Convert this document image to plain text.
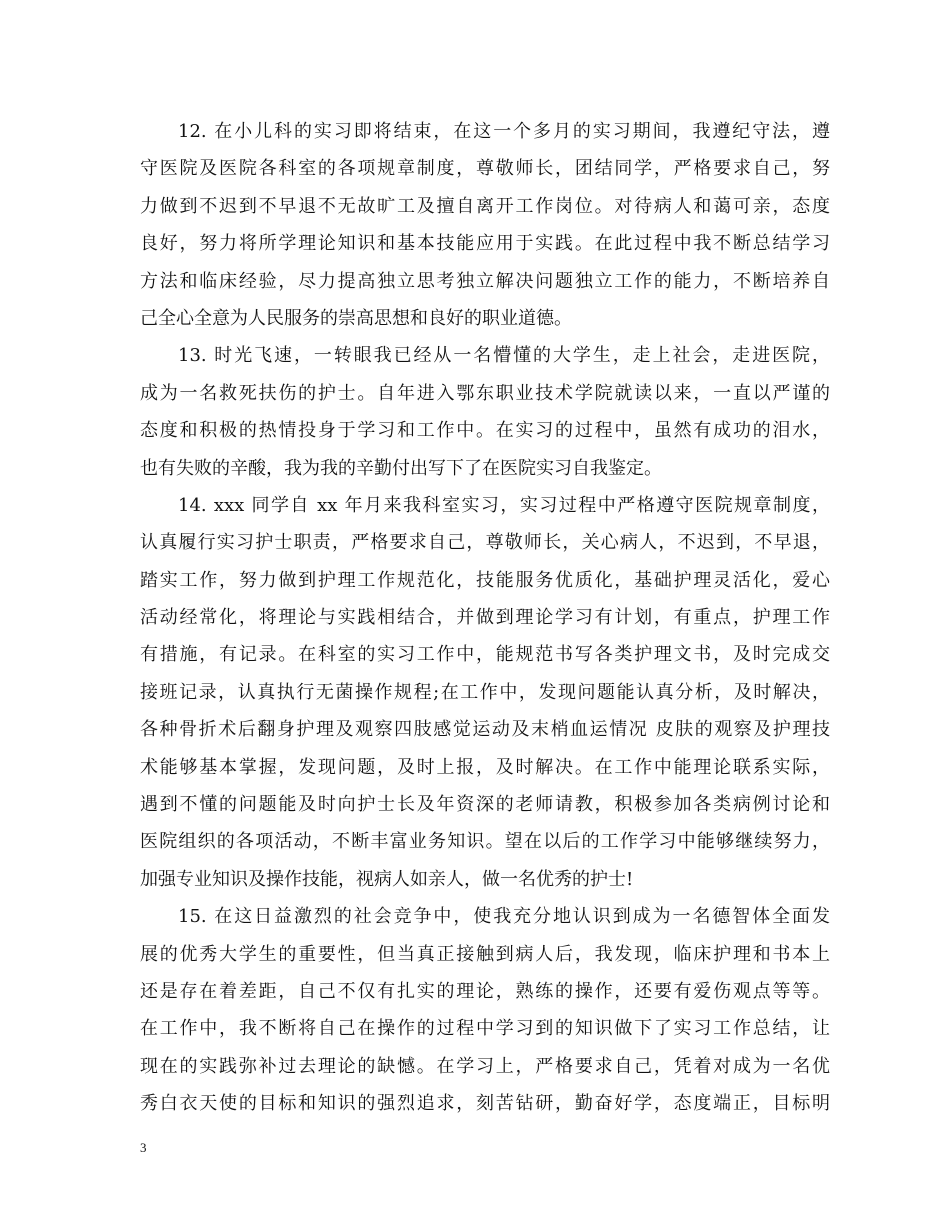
12. 在小儿科的实习即将结束，在这一个多月的实习期间，我遵纪守法，遵
守医院及医院各科室的各项规章制度，尊敬师长，团结同学，严格要求自己，努
力做到不迟到不早退不无故旷工及擅自离开工作岗位。对待病人和蔼可亲，态度
良好，努力将所学理论知识和基本技能应用于实践。在此过程中我不断总结学习
方法和临床经验，尽力提高独立思考独立解决问题独立工作的能力，不断培养自
己全心全意为人民服务的崇高思想和良好的职业道德。
13. 时光飞速，一转眼我已经从一名懵懂的大学生，走上社会，走进医院，
成为一名救死扶伤的护士。自年进入鄂东职业技术学院就读以来，一直以严谨的
态度和积极的热情投身于学习和工作中。在实习的过程中，虽然有成功的泪水，
也有失败的辛酸，我为我的辛勤付出写下了在医院实习自我鉴定。
14. xxx 同学自 xx 年月来我科室实习，实习过程中严格遵守医院规章制度，
认真履行实习护士职责，严格要求自己，尊敬师长，关心病人，不迟到，不早退，
踏实工作，努力做到护理工作规范化，技能服务优质化，基础护理灵活化，爱心
活动经常化，将理论与实践相结合，并做到理论学习有计划，有重点，护理工作
有措施，有记录。在科室的实习工作中，能规范书写各类护理文书，及时完成交
接班记录，认真执行无菌操作规程;在工作中，发现问题能认真分析，及时解决，
各种骨折术后翻身护理及观察四肢感觉运动及末梢血运情况 皮肤的观察及护理技
术能够基本掌握，发现问题，及时上报，及时解决。在工作中能理论联系实际，
遇到不懂的问题能及时向护士长及年资深的老师请教，积极参加各类病例讨论和
医院组织的各项活动，不断丰富业务知识。望在以后的工作学习中能够继续努力，
加强专业知识及操作技能，视病人如亲人，做一名优秀的护士!
15. 在这日益激烈的社会竞争中，使我充分地认识到成为一名德智体全面发
展的优秀大学生的重要性，但当真正接触到病人后，我发现，临床护理和书本上
还是存在着差距，自己不仅有扎实的理论，熟练的操作，还要有爱伤观点等等。
在工作中，我不断将自己在操作的过程中学习到的知识做下了实习工作总结，让
现在的实践弥补过去理论的缺憾。在学习上，严格要求自己，凭着对成为一名优
秀白衣天使的目标和知识的强烈追求，刻苦钻研，勤奋好学，态度端正，目标明
3
